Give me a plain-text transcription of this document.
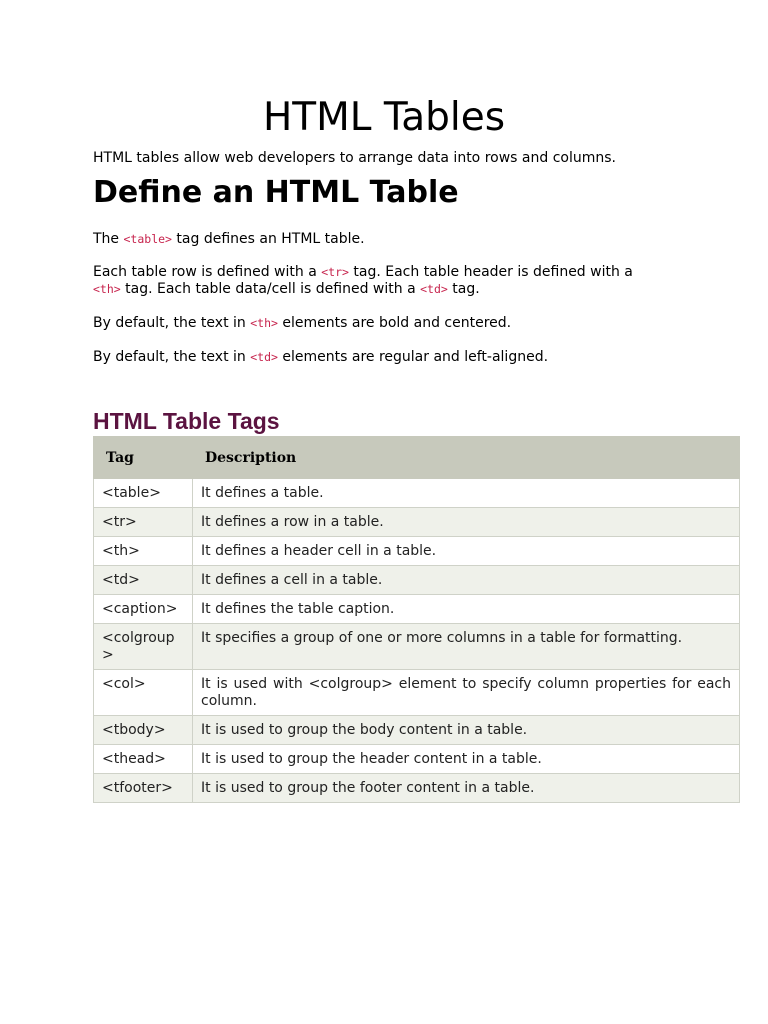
HTML Tables

HTML tables allow web developers to arrange data into rows and columns.

Define an HTML Table

The <table> tag defines an HTML table.

Each table row is defined with a <tr> tag. Each table header is defined with a <th> tag. Each table data/cell is defined with a <td> tag.

By default, the text in <th> elements are bold and centered.

By default, the text in <td> elements are regular and left-aligned.

HTML Table Tags
Tag	Description
<table>	It defines a table.
<tr>	It defines a row in a table.
<th>	It defines a header cell in a table.
<td>	It defines a cell in a table.
<caption>	It defines the table caption.
<colgroup>	It specifies a group of one or more columns in a table for formatting.
<col>	It is used with <colgroup> element to specify column properties for each column.
<tbody>	It is used to group the body content in a table.
<thead>	It is used to group the header content in a table.
<tfooter>	It is used to group the footer content in a table.
